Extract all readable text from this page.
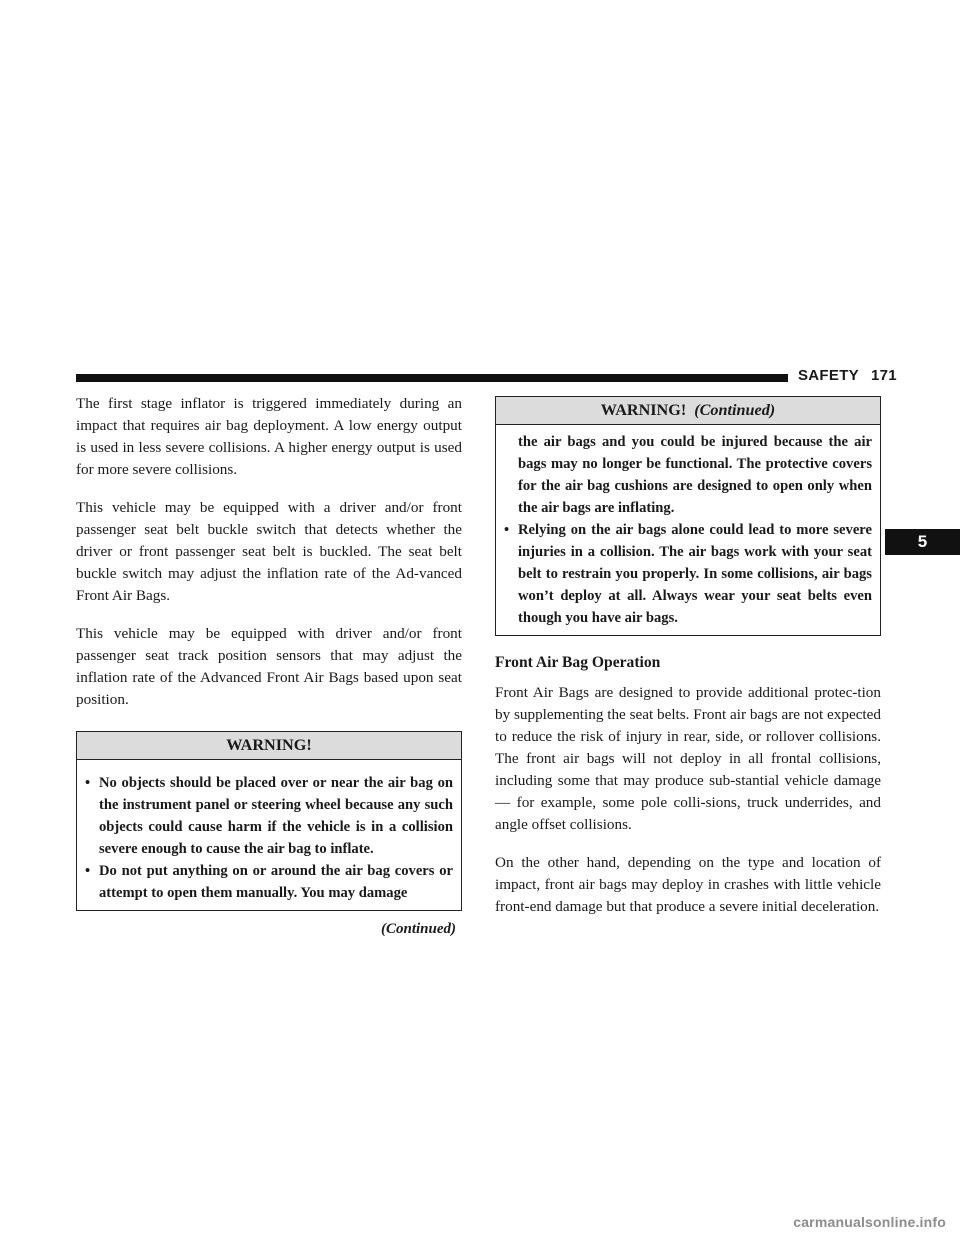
SAFETY 171

The first stage inflator is triggered immediately during an impact that requires air bag deployment. A low energy output is used in less severe collisions. A higher energy output is used for more severe collisions.

This vehicle may be equipped with a driver and/or front passenger seat belt buckle switch that detects whether the driver or front passenger seat belt is buckled. The seat belt buckle switch may adjust the inflation rate of the Ad-vanced Front Air Bags.

This vehicle may be equipped with driver and/or front passenger seat track position sensors that may adjust the inflation rate of the Advanced Front Air Bags based upon seat position.

WARNING!
• No objects should be placed over or near the air bag on the instrument panel or steering wheel because any such objects could cause harm if the vehicle is in a collision severe enough to cause the air bag to inflate.
• Do not put anything on or around the air bag covers or attempt to open them manually. You may damage
(Continued)
WARNING! (Continued)
the air bags and you could be injured because the air bags may no longer be functional. The protective covers for the air bag cushions are designed to open only when the air bags are inflating.
• Relying on the air bags alone could lead to more severe injuries in a collision. The air bags work with your seat belt to restrain you properly. In some collisions, air bags won’t deploy at all. Always wear your seat belts even though you have air bags.
Front Air Bag Operation

Front Air Bags are designed to provide additional protec-tion by supplementing the seat belts. Front air bags are not expected to reduce the risk of injury in rear, side, or rollover collisions. The front air bags will not deploy in all frontal collisions, including some that may produce sub-stantial vehicle damage — for example, some pole colli-sions, truck underrides, and angle offset collisions.

On the other hand, depending on the type and location of impact, front air bags may deploy in crashes with little vehicle front-end damage but that produce a severe initial deceleration.

5
carmanualsonline.info
